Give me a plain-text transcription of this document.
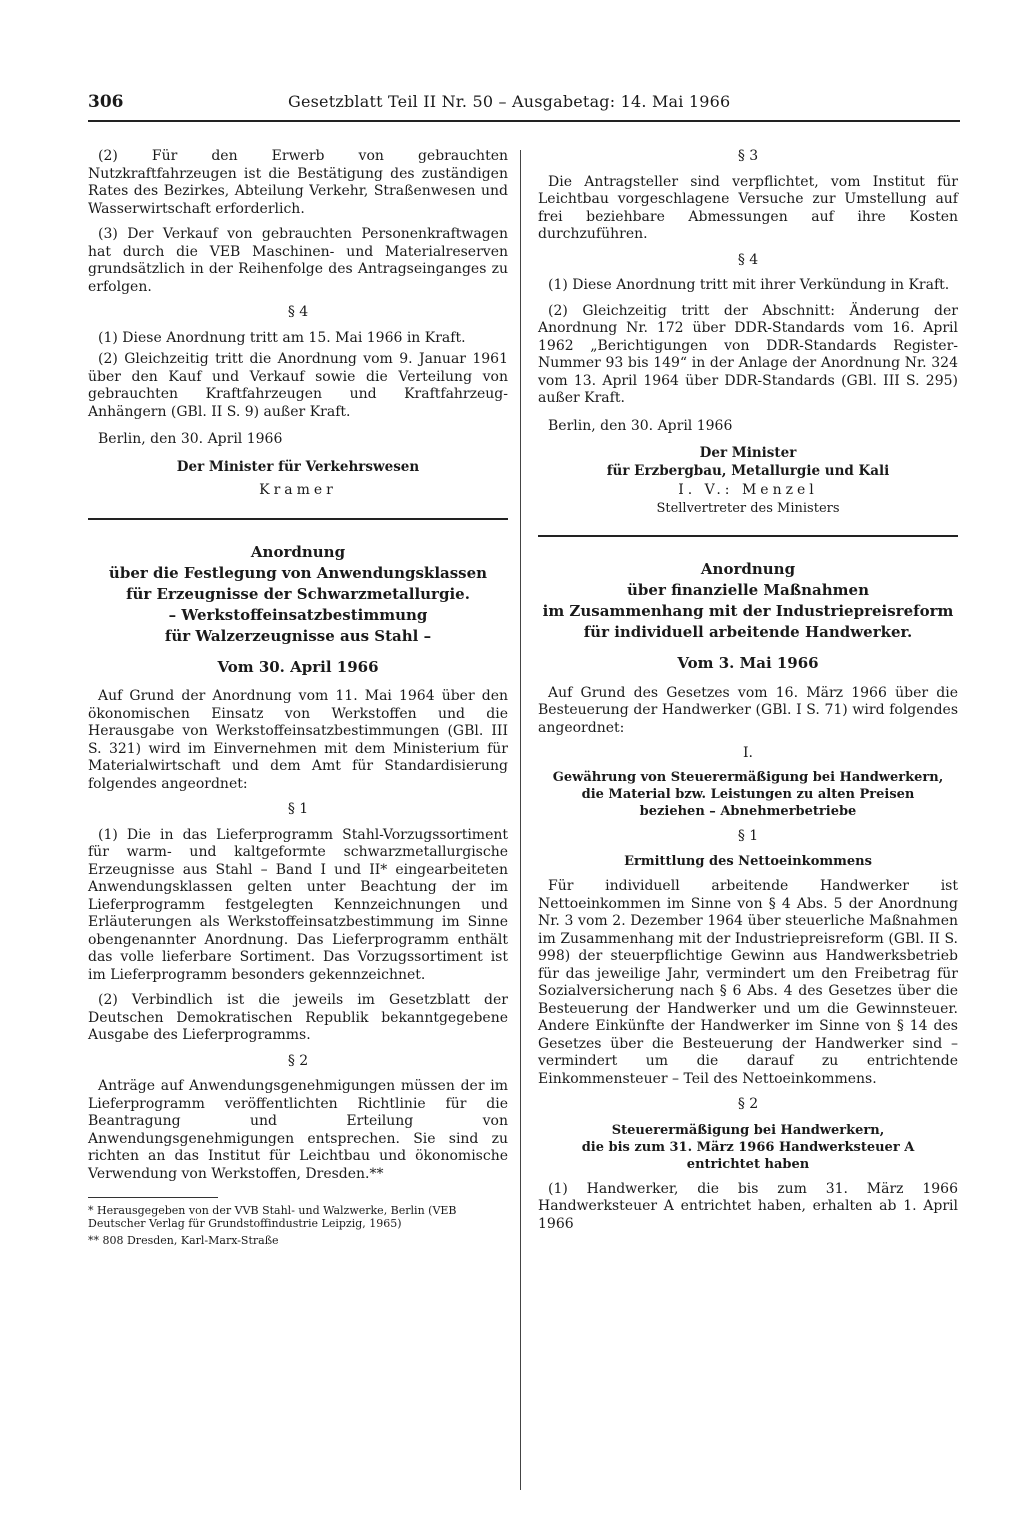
306	Gesetzblatt Teil II Nr. 50 – Ausgabetag: 14. Mai 1966

(2) Für den Erwerb von gebrauchten Nutzkraftfahrzeugen ist die Bestätigung des zuständigen Rates des Bezirkes, Abteilung Verkehr, Straßenwesen und Wasserwirtschaft erforderlich.

(3) Der Verkauf von gebrauchten Personenkraftwagen hat durch die VEB Maschinen- und Materialreserven grundsätzlich in der Reihenfolge des Antragseinganges zu erfolgen.

§ 4

(1) Diese Anordnung tritt am 15. Mai 1966 in Kraft.

(2) Gleichzeitig tritt die Anordnung vom 9. Januar 1961 über den Kauf und Verkauf sowie die Verteilung von gebrauchten Kraftfahrzeugen und Kraftfahrzeug-Anhängern (GBl. II S. 9) außer Kraft.

Berlin, den 30. April 1966

Der Minister für Verkehrswesen

Kramer

Anordnung

über die Festlegung von Anwendungsklassen

für Erzeugnisse der Schwarzmetallurgie.

– Werkstoffeinsatzbestimmung

für Walzerzeugnisse aus Stahl –

Vom 30. April 1966

Auf Grund der Anordnung vom 11. Mai 1964 über den ökonomischen Einsatz von Werkstoffen und die Herausgabe von Werkstoffeinsatzbestimmungen (GBl. III S. 321) wird im Einvernehmen mit dem Ministerium für Materialwirtschaft und dem Amt für Standardisierung folgendes angeordnet:

§ 1

(1) Die in das Lieferprogramm Stahl-Vorzugssortiment für warm- und kaltgeformte schwarzmetallurgische Erzeugnisse aus Stahl – Band I und II* eingearbeiteten Anwendungsklassen gelten unter Beachtung der im Lieferprogramm festgelegten Kennzeichnungen und Erläuterungen als Werkstoffeinsatzbestimmung im Sinne obengenannter Anordnung. Das Lieferprogramm enthält das volle lieferbare Sortiment. Das Vorzugssortiment ist im Lieferprogramm besonders gekennzeichnet.

(2) Verbindlich ist die jeweils im Gesetzblatt der Deutschen Demokratischen Republik bekanntgegebene Ausgabe des Lieferprogramms.

§ 2

Anträge auf Anwendungsgenehmigungen müssen der im Lieferprogramm veröffentlichten Richtlinie für die Beantragung und Erteilung von Anwendungsgenehmigungen entsprechen. Sie sind zu richten an das Institut für Leichtbau und ökonomische Verwendung von Werkstoffen, Dresden.**

* Herausgegeben von der VVB Stahl- und Walzwerke, Berlin (VEB Deutscher Verlag für Grundstoffindustrie Leipzig, 1965)

** 808 Dresden, Karl-Marx-Straße

§ 3

Die Antragsteller sind verpflichtet, vom Institut für Leichtbau vorgeschlagene Versuche zur Umstellung auf frei beziehbare Abmessungen auf ihre Kosten durchzuführen.

§ 4

(1) Diese Anordnung tritt mit ihrer Verkündung in Kraft.

(2) Gleichzeitig tritt der Abschnitt: Änderung der Anordnung Nr. 172 über DDR-Standards vom 16. April 1962 „Berichtigungen von DDR-Standards Register-Nummer 93 bis 149“ in der Anlage der Anordnung Nr. 324 vom 13. April 1964 über DDR-Standards (GBl. III S. 295) außer Kraft.

Berlin, den 30. April 1966

Der Minister

für Erzbergbau, Metallurgie und Kali

I. V.: Menzel

Stellvertreter des Ministers

Anordnung

über finanzielle Maßnahmen

im Zusammenhang mit der Industriepreisreform

für individuell arbeitende Handwerker.

Vom 3. Mai 1966

Auf Grund des Gesetzes vom 16. März 1966 über die Besteuerung der Handwerker (GBl. I S. 71) wird folgendes angeordnet:

I.

Gewährung von Steuerermäßigung bei Handwerkern,

die Material bzw. Leistungen zu alten Preisen

beziehen – Abnehmerbetriebe

§ 1

Ermittlung des Nettoeinkommens

Für individuell arbeitende Handwerker ist Nettoeinkommen im Sinne von § 4 Abs. 5 der Anordnung Nr. 3 vom 2. Dezember 1964 über steuerliche Maßnahmen im Zusammenhang mit der Industriepreisreform (GBl. II S. 998) der steuerpflichtige Gewinn aus Handwerksbetrieb für das jeweilige Jahr, vermindert um den Freibetrag für Sozialversicherung nach § 6 Abs. 4 des Gesetzes über die Besteuerung der Handwerker und um die Gewinnsteuer. Andere Einkünfte der Handwerker im Sinne von § 14 des Gesetzes über die Besteuerung der Handwerker sind – vermindert um die darauf zu entrichtende Einkommensteuer – Teil des Nettoeinkommens.

§ 2

Steuerermäßigung bei Handwerkern,

die bis zum 31. März 1966 Handwerksteuer A

entrichtet haben

(1) Handwerker, die bis zum 31. März 1966 Handwerksteuer A entrichtet haben, erhalten ab 1. April 1966
